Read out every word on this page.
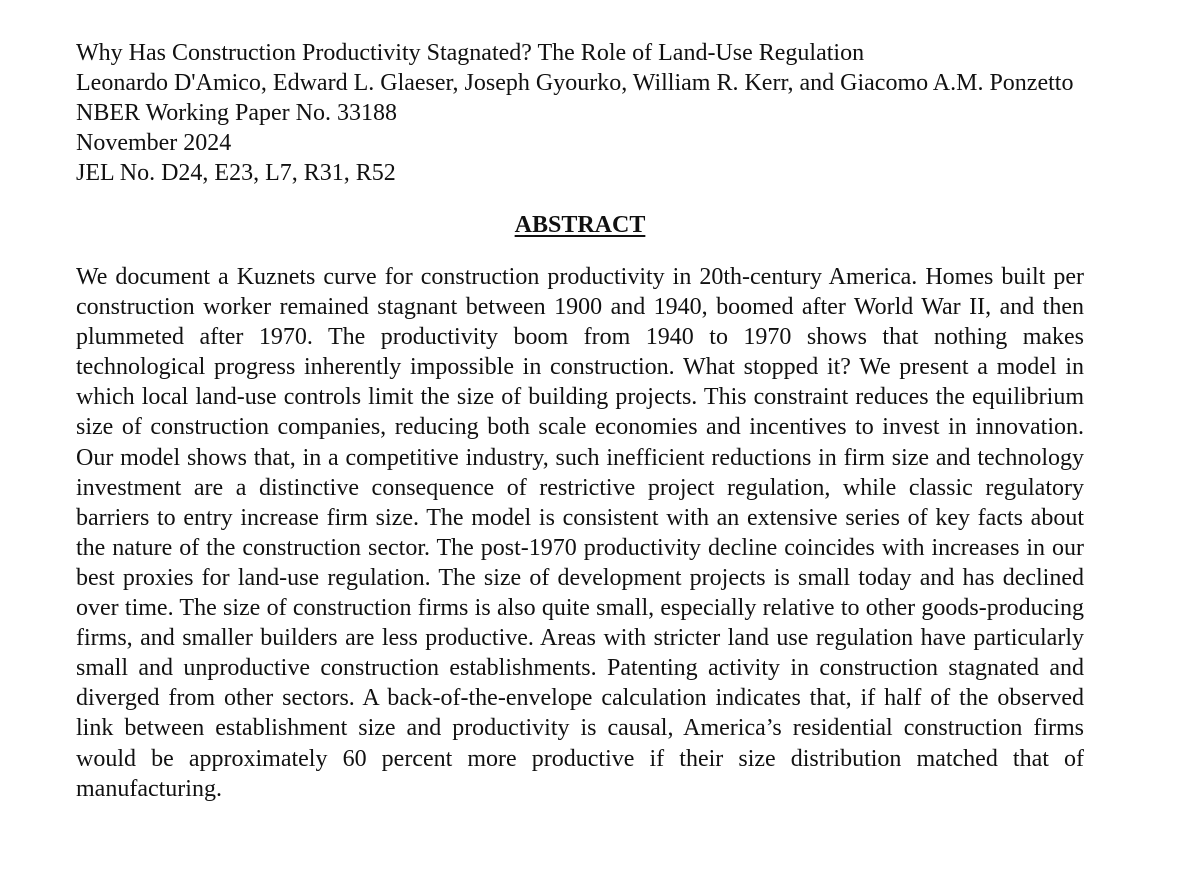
Why Has Construction Productivity Stagnated? The Role of Land-Use Regulation
Leonardo D'Amico, Edward L. Glaeser, Joseph Gyourko, William R. Kerr, and Giacomo A.M. Ponzetto
NBER Working Paper No. 33188
November 2024
JEL No. D24, E23, L7, R31, R52
ABSTRACT
We document a Kuznets curve for construction productivity in 20th-century America. Homes built per construction worker remained stagnant between 1900 and 1940, boomed after World War II, and then plummeted after 1970. The productivity boom from 1940 to 1970 shows that nothing makes technological progress inherently impossible in construction. What stopped it? We present a model in which local land-use controls limit the size of building projects. This constraint reduces the equilibrium size of construction companies, reducing both scale economies and incentives to invest in innovation. Our model shows that, in a competitive industry, such inefficient reductions in firm size and technology investment are a distinctive consequence of restrictive project regulation, while classic regulatory barriers to entry increase firm size. The model is consistent with an extensive series of key facts about the nature of the construction sector. The post-1970 productivity decline coincides with increases in our best proxies for land-use regulation. The size of development projects is small today and has declined over time. The size of construction firms is also quite small, especially relative to other goods-producing firms, and smaller builders are less productive. Areas with stricter land use regulation have particularly small and unproductive construction establishments. Patenting activity in construction stagnated and diverged from other sectors. A back-of-the-envelope calculation indicates that, if half of the observed link between establishment size and productivity is causal, America’s residential construction firms would be approximately 60 percent more productive if their size distribution matched that of manufacturing.
